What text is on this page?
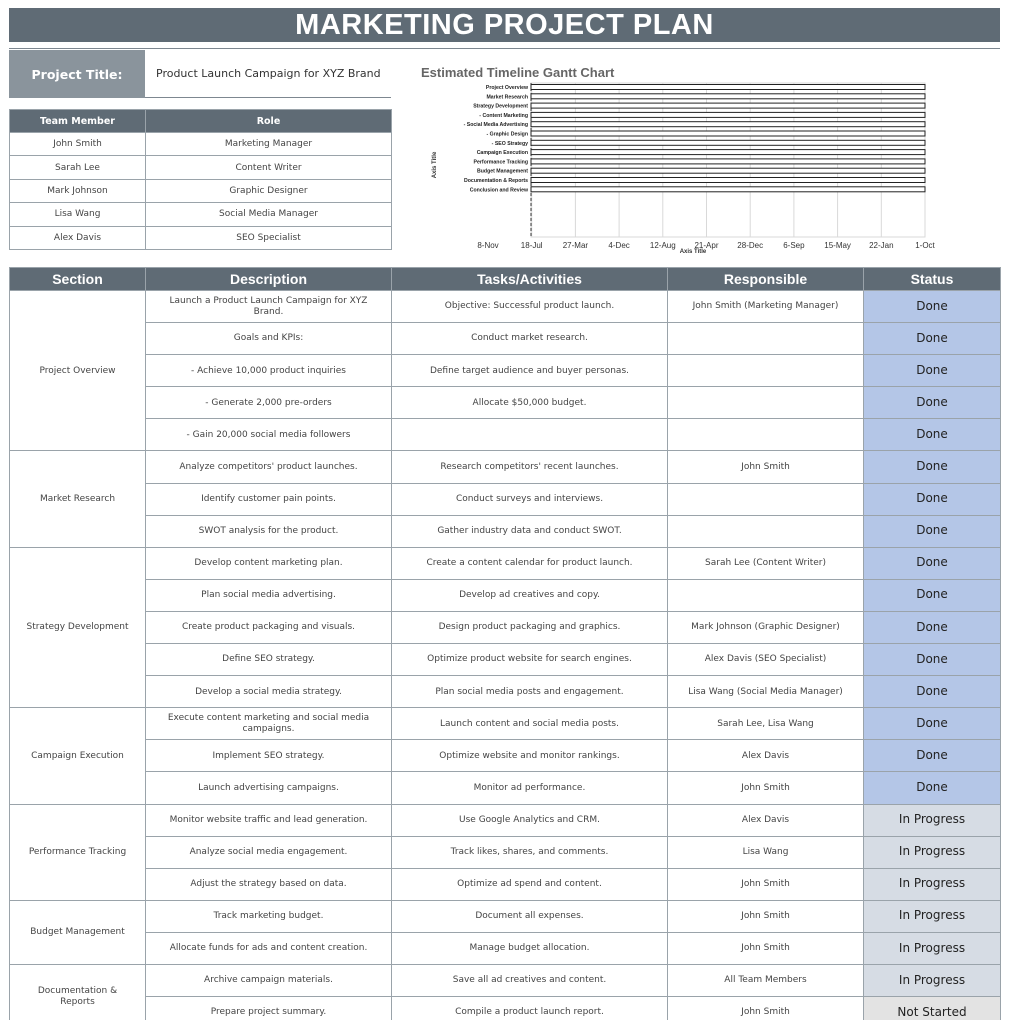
MARKETING PROJECT PLAN
Project Title:	Product Launch Campaign for XYZ Brand
Team Member	Role
John Smith	Marketing Manager
Sarah Lee	Content Writer
Mark Johnson	Graphic Designer
Lisa Wang	Social Media Manager
Alex Davis	SEO Specialist
8-Nov	18-Jul	27-Mar	4-Dec	12-Aug 21-Apr 28-Dec	6-Sep 15-May 22-Jan	1-Oct
Project Overview
Market Research
Strategy Development
- Content Marketing
- Social Media Advertising
- Graphic Design
- SEO Strategy
Campaign Execution
Performance Tracking
Budget Management
Documentation & Reports
Conclusion and Review
Axis Title
Axis Title
Estimated Timeline Gantt Chart
Section	Description	Tasks/Activities	Responsible	Status
Project Overview	Launch a Product Launch Campaign for XYZ Brand.	Objective: Successful product launch.	John Smith (Marketing Manager)	Done
	Goals and KPIs:	Conduct market research.		Done
	- Achieve 10,000 product inquiries	Define target audience and buyer personas.		Done
	- Generate 2,000 pre-orders	Allocate $50,000 budget.		Done
	- Gain 20,000 social media followers			Done
Market Research	Analyze competitors' product launches.	Research competitors' recent launches.	John Smith	Done
	Identify customer pain points.	Conduct surveys and interviews.		Done
	SWOT analysis for the product.	Gather industry data and conduct SWOT.		Done
Strategy Development	Develop content marketing plan.	Create a content calendar for product launch.	Sarah Lee (Content Writer)	Done
	Plan social media advertising.	Develop ad creatives and copy.		Done
	Create product packaging and visuals.	Design product packaging and graphics.	Mark Johnson (Graphic Designer)	Done
	Define SEO strategy.	Optimize product website for search engines.	Alex Davis (SEO Specialist)	Done
	Develop a social media strategy.	Plan social media posts and engagement.	Lisa Wang (Social Media Manager)	Done
Campaign Execution	Execute content marketing and social media campaigns.	Launch content and social media posts.	Sarah Lee, Lisa Wang	Done
	Implement SEO strategy.	Optimize website and monitor rankings.	Alex Davis	Done
	Launch advertising campaigns.	Monitor ad performance.	John Smith	Done
Performance Tracking	Monitor website traffic and lead generation.	Use Google Analytics and CRM.	Alex Davis	In Progress
	Analyze social media engagement.	Track likes, shares, and comments.	Lisa Wang	In Progress
	Adjust the strategy based on data.	Optimize ad spend and content.	John Smith	In Progress
Budget Management	Track marketing budget.	Document all expenses.	John Smith	In Progress
	Allocate funds for ads and content creation.	Manage budget allocation.	John Smith	In Progress
Documentation & Reports	Archive campaign materials.	Save all ad creatives and content.	All Team Members	In Progress
	Prepare project summary.	Compile a product launch report.	John Smith	Not Started
